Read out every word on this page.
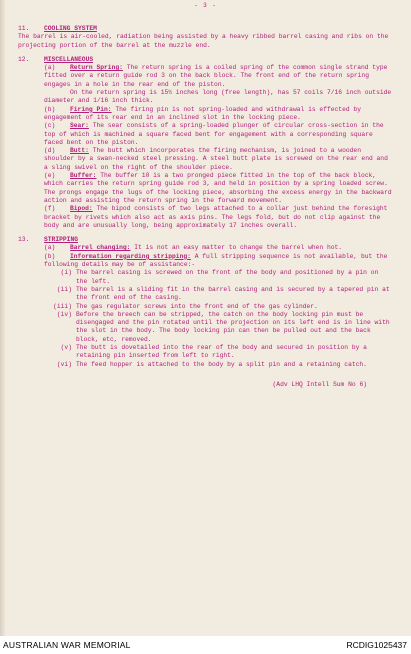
- 3 -
11.	COOLING SYSTEM
The barrel is air-cooled, radiation being assisted by a heavy ribbed barrel casing and ribs on the projecting portion of the barrel at the muzzle end.
12.	MISCELLANEOUS
(a) Return Spring: The return spring is a coiled spring of the common single strand type fitted over a return guide rod 3 on the back block. The front end of the return spring engages in a hole in the rear end of the piston.
On the return spring is 15½ inches long (free length), has 57 coils 7/16 inch outside diameter and 1/16 inch thick.
(b) Firing Pin: The firing pin is not spring-loaded and withdrawal is effected by engagement of its rear end in an inclined slot in the locking piece.
(c) Sear: The sear consists of a spring-loaded plunger of circular cross-section in the top of which is machined a square faced bent for engagement with a corresponding square faced bent on the piston.
(d) Butt: The butt which incorporates the firing mechanism, is joined to a wooden shoulder by a swan-necked steel pressing. A steel butt plate is screwed on the rear end and a sling swivel on the right of the shoulder piece.
(e) Buffer: The buffer 10 is a two pronged piece fitted in the top of the back block, which carries the return spring guide rod 3, and held in position by a spring loaded screw. The prongs engage the lugs of the locking piece, absorbing the excess energy in the backward action and assisting the return spring in the forward movement.
(f) Bipod: The bipod consists of two legs attached to a collar just behind the foresight bracket by rivets which also act as axis pins. The legs fold, but do not clip against the body and are unusually long, being approximately 17 inches overall.
13.	STRIPPING
(a) Barrel changing: It is not an easy matter to change the barrel when hot.
(b) Information regarding stripping: A full stripping sequence is not available, but the following details may be of assistance:-
(i) The barrel casing is screwed on the front of the body and positioned by a pin on the left.
(ii) The barrel is a sliding fit in the barrel casing and is secured by a tapered pin at the front end of the casing.
(iii) The gas regulator screws into the front end of the gas cylinder.
(iv) Before the breech can be stripped, the catch on the body locking pin must be disengaged and the pin rotated until the projection on its left end is in line with the slot in the body. The body locking pin can then be pulled out and the back block, etc, removed.
(v) The butt is dovetailed into the rear of the body and secured in position by a retaining pin inserted from left to right.
(vi) The feed hopper is attached to the body by a split pin and a retaining catch.
(Adv LHQ Intell Sum No 6)
AUSTRALIAN WAR MEMORIAL	RCDIG1025437
